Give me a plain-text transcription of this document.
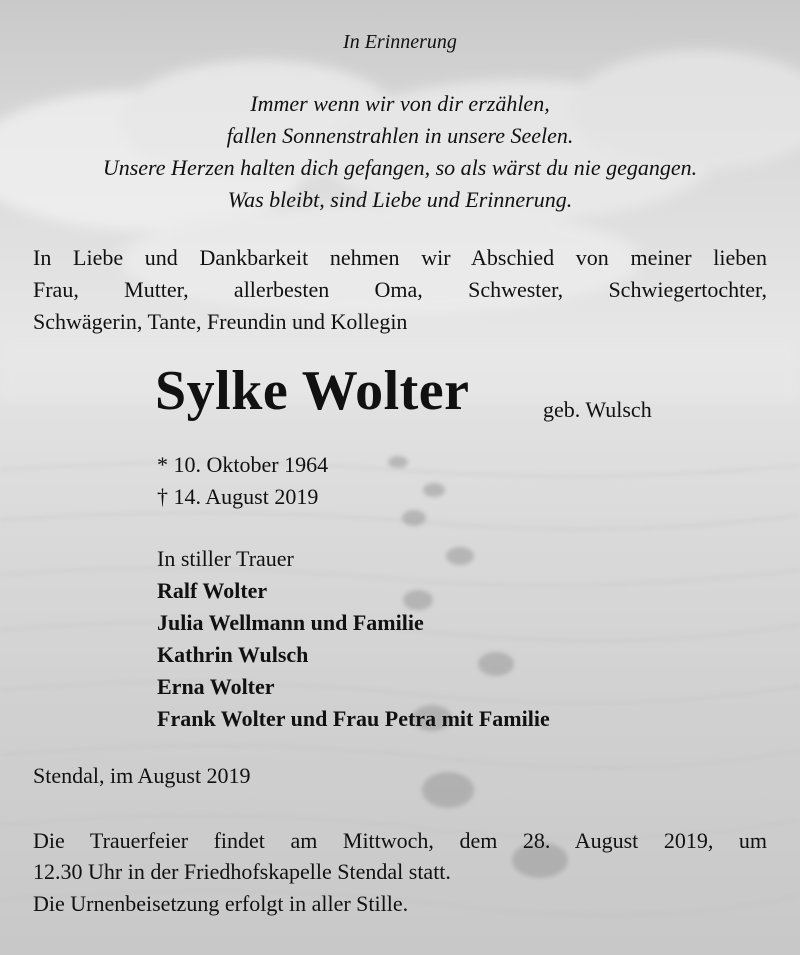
In Erinnerung

Immer wenn wir von dir erzählen,

fallen Sonnenstrahlen in unsere Seelen.

Unsere Herzen halten dich gefangen, so als wärst du nie gegangen.

Was bleibt, sind Liebe und Erinnerung.

In Liebe und Dankbarkeit nehmen wir Abschied von meiner lieben

Frau, Mutter, allerbesten Oma, Schwester, Schwiegertochter,

Schwägerin, Tante, Freundin und Kollegin

Sylke Wolter	geb. Wulsch

* 10. Oktober 1964

† 14. August 2019

In stiller Trauer

Ralf Wolter

Julia Wellmann und Familie

Kathrin Wulsch

Erna Wolter

Frank Wolter und Frau Petra mit Familie

Stendal, im August 2019

Die Trauerfeier findet am Mittwoch, dem 28. August 2019, um

12.30 Uhr in der Friedhofskapelle Stendal statt.

Die Urnenbeisetzung erfolgt in aller Stille.
